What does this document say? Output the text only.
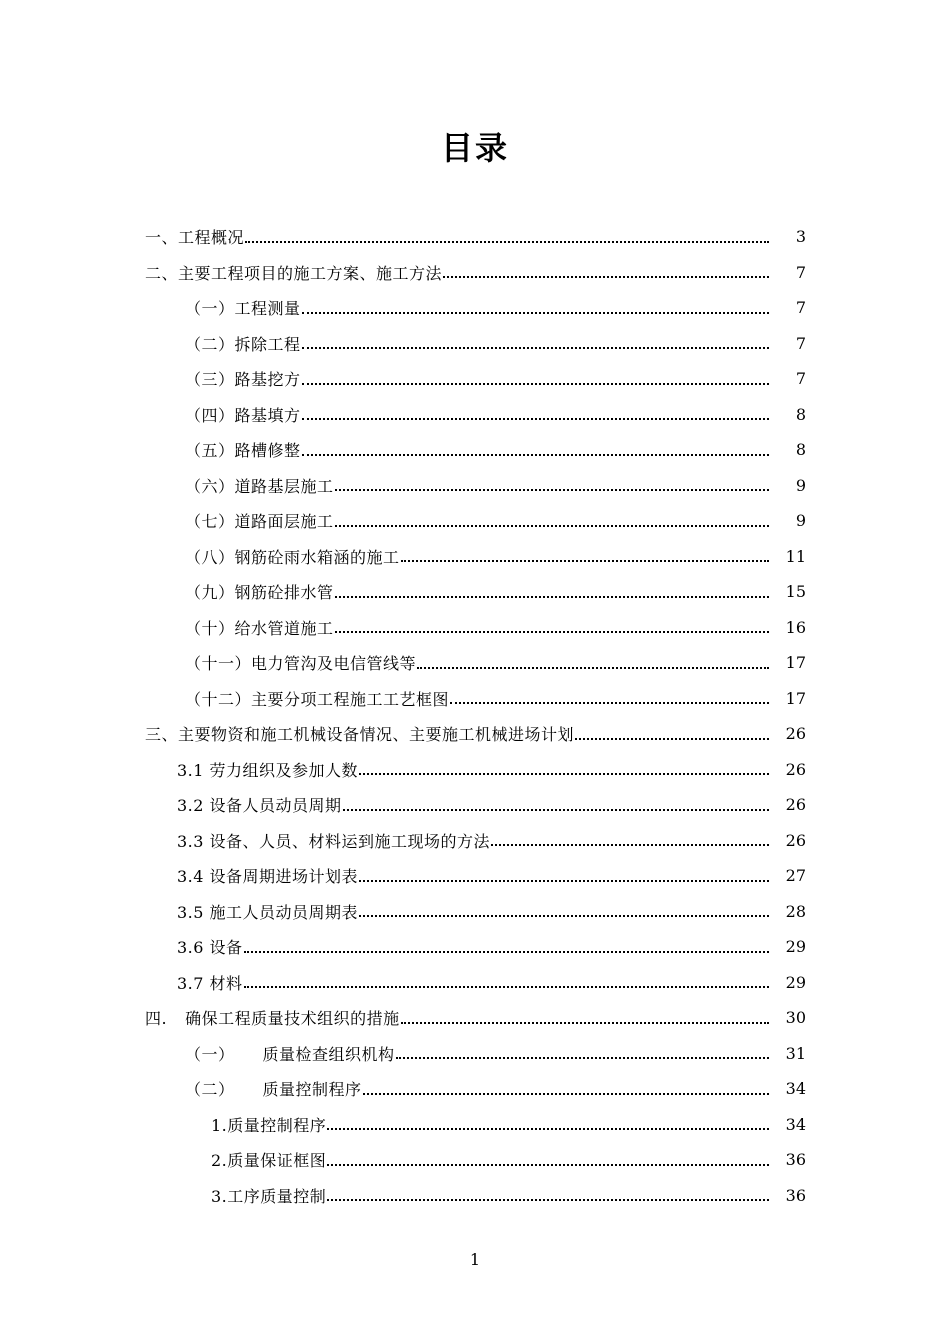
目录
一、工程概况	3
二、主要工程项目的施工方案、施工方法	7
（一）工程测量	7
（二）拆除工程	7
（三）路基挖方	7
（四）路基填方	8
（五）路槽修整	8
（六）道路基层施工	9
（七）道路面层施工	9
（八）钢筋砼雨水箱涵的施工	11
（九）钢筋砼排水管	15
（十）给水管道施工	16
（十一）电力管沟及电信管线等	17
（十二）主要分项工程施工工艺框图	17
三、主要物资和施工机械设备情况、主要施工机械进场计划	26
3.1 劳力组织及参加人数	26
3.2 设备人员动员周期	26
3.3 设备、人员、材料运到施工现场的方法	26
3.4 设备周期进场计划表	27
3.5 施工人员动员周期表	28
3.6 设备	29
3.7 材料	29
四. 确保工程质量技术组织的措施	30
（一） 质量检查组织机构	31
（二） 质量控制程序	34
1.质量控制程序	34
2.质量保证框图	36
3.工序质量控制	36
1
